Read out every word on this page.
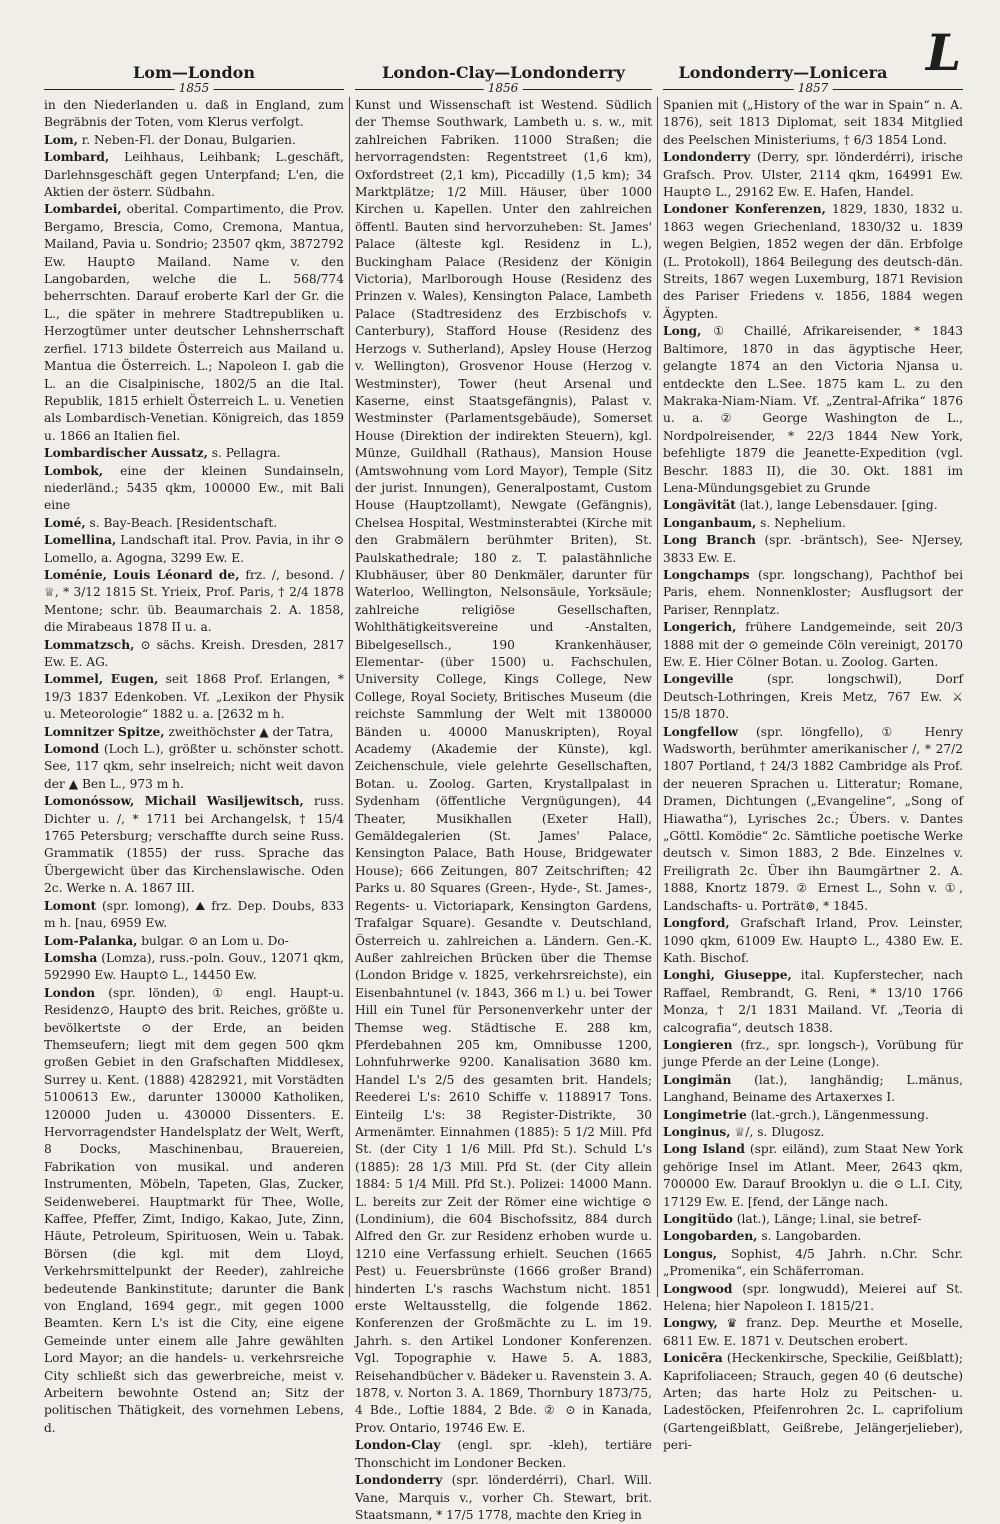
L
Lom—London	London-Clay—Londonderry	Londonderry—Lonicera
1855	1856	1857

in den Niederlanden u. daß in England, zum Begräbnis der Toten, vom Klerus verfolgt.

Lom, r. Neben‑Fl. der Donau, Bulgarien.

Lombard, Leihhaus, Leihbank; L.geschäft, Darlehnsgeschäft gegen Unterpfand; L'en, die Aktien der österr. Südbahn.

Lombardei, oberital. Compartimento, die Prov. Bergamo, Brescia, Como, Cremona, Mantua, Mailand, Pavia u. Sondrio; 23507 qkm, 3872792 Ew. Haupt⊙ Mailand. Name v. den Langobarden, welche die L. 568/774 beherrschten. Darauf eroberte Karl der Gr. die L., die später in mehrere Stadtrepubliken u. Herzogtümer unter deutscher Lehnsherrschaft zerfiel. 1713 bildete Österreich aus Mailand u. Mantua die Österreich. L.; Napoleon I. gab die L. an die Cisalpinische, 1802/5 an die Ital. Republik, 1815 erhielt Österreich L. u. Venetien als Lombardisch‑Venetian. Königreich, das 1859 u. 1866 an Italien fiel.

Lombardischer Aussatz, s. Pellagra.

Lombok, eine der kleinen Sundainseln, niederländ.; 5435 qkm, 100000 Ew., mit Bali eine

Lomé, s. Bay‑Beach. [Residentschaft.

Lomellina, Landschaft ital. Prov. Pavia, in ihr ⊙ Lomello, a. Agogna, 3299 Ew. E.

Loménie, Louis Léonard de, frz. /, besond. /♕, * 3/12 1815 St. Yrieix, Prof. Paris, † 2/4 1878 Mentone; schr. üb. Beaumarchais 2. A. 1858, die Mirabeaus 1878 II u. a.

Lommatzsch, ⊙ sächs. Kreish. Dresden, 2817 Ew. E. AG.

Lommel, Eugen, seit 1868 Prof. Erlangen, * 19/3 1837 Edenkoben. Vf. „Lexikon der Physik u. Meteorologie“ 1882 u. a. [2632 m h.

Lomnitzer Spitze, zweithöchster ▲ der Tatra,

Lomond (Loch L.), größter u. schönster schott. See, 117 qkm, sehr inselreich; nicht weit davon der ▲ Ben L., 973 m h.

Lomonóssow, Michail Wasiljewitsch, russ. Dichter u. /, * 1711 bei Archangelsk, † 15/4 1765 Petersburg; verschaffte durch seine Russ. Grammatik (1855) der russ. Sprache das Übergewicht über das Kirchenslawische. Oden 2c. Werke n. A. 1867 III.

Lomont (spr. lomong), ⛰ frz. Dep. Doubs, 833 m h. [nau, 6959 Ew.

Lom‑Palanka, bulgar. ⊙ an Lom u. Do‑

Lomsha (Lomza), russ.‑poln. Gouv., 12071 qkm, 592990 Ew. Haupt⊙ L., 14450 Ew.

London (spr. lönden), ① engl. Haupt‑u. Residenz⊙, Haupt⊙ des brit. Reiches, größte u. bevölkertste ⊙ der Erde, an beiden Themseufern; liegt mit dem gegen 500 qkm großen Gebiet in den Grafschaften Middlesex, Surrey u. Kent. (1888) 4282921, mit Vorstädten 5100613 Ew., darunter 130000 Katholiken, 120000 Juden u. 430000 Dissenters. E. Hervorragendster Handelsplatz der Welt, Werft, 8 Docks, Maschinenbau, Brauereien, Fabrikation von musikal. und anderen Instrumenten, Möbeln, Tapeten, Glas, Zucker, Seidenweberei. Hauptmarkt für Thee, Wolle, Kaffee, Pfeffer, Zimt, Indigo, Kakao, Jute, Zinn, Häute, Petroleum, Spirituosen, Wein u. Tabak. Börsen (die kgl. mit dem Lloyd, Verkehrsmittelpunkt der Reeder), zahlreiche bedeutende Bankinstitute; darunter die Bank von England, 1694 gegr., mit gegen 1000 Beamten. Kern L's ist die City, eine eigene Gemeinde unter einem alle Jahre gewählten Lord Mayor; an die handels‑ u. verkehrsreiche City schließt sich das gewerbreiche, meist v. Arbeitern bewohnte Ostend an; Sitz der politischen Thätigkeit, des vornehmen Lebens, d.

Kunst und Wissenschaft ist Westend. Südlich der Themse Southwark, Lambeth u. s. w., mit zahlreichen Fabriken. 11000 Straßen; die hervorragendsten: Regentstreet (1,6 km), Oxfordstreet (2,1 km), Piccadilly (1,5 km); 34 Marktplätze; 1/2 Mill. Häuser, über 1000 Kirchen u. Kapellen. Unter den zahlreichen öffentl. Bauten sind hervorzuheben: St. James' Palace (älteste kgl. Residenz in L.), Buckingham Palace (Residenz der Königin Victoria), Marlborough House (Residenz des Prinzen v. Wales), Kensington Palace, Lambeth Palace (Stadtresidenz des Erzbischofs v. Canterbury), Stafford House (Residenz des Herzogs v. Sutherland), Apsley House (Herzog v. Wellington), Grosvenor House (Herzog v. Westminster), Tower (heut Arsenal und Kaserne, einst Staatsgefängnis), Palast v. Westminster (Parlamentsgebäude), Somerset House (Direktion der indirekten Steuern), kgl. Münze, Guildhall (Rathaus), Mansion House (Amtswohnung vom Lord Mayor), Temple (Sitz der jurist. Innungen), Generalpostamt, Custom House (Hauptzollamt), Newgate (Gefängnis), Chelsea Hospital, Westminsterabtei (Kirche mit den Grabmälern berühmter Briten), St. Paulskathedrale; 180 z. T. palastähnliche Klubhäuser, über 80 Denkmäler, darunter für Waterloo, Wellington, Nelsonsäule, Yorksäule; zahlreiche religiöse Gesellschaften, Wohlthätigkeitsvereine und ‑Anstalten, Bibelgesellsch., 190 Krankenhäuser, Elementar‑ (über 1500) u. Fachschulen, University College, Kings College, New College, Royal Society, Britisches Museum (die reichste Sammlung der Welt mit 1380000 Bänden u. 40000 Manuskripten), Royal Academy (Akademie der Künste), kgl. Zeichenschule, viele gelehrte Gesellschaften, Botan. u. Zoolog. Garten, Krystallpalast in Sydenham (öffentliche Vergnügungen), 44 Theater, Musikhallen (Exeter Hall), Gemäldegalerien (St. James' Palace, Kensington Palace, Bath House, Bridgewater House); 666 Zeitungen, 807 Zeitschriften; 42 Parks u. 80 Squares (Green‑, Hyde‑, St. James‑, Regents‑ u. Victoriapark, Kensington Gardens, Trafalgar Square). Gesandte v. Deutschland, Österreich u. zahlreichen a. Ländern. Gen.‑K. Außer zahlreichen Brücken über die Themse (London Bridge v. 1825, verkehrsreichste), ein Eisenbahntunel (v. 1843, 366 m l.) u. bei Tower Hill ein Tunel für Personenverkehr unter der Themse weg. Städtische E. 288 km, Pferdebahnen 205 km, Omnibusse 1200, Lohnfuhrwerke 9200. Kanalisation 3680 km. Handel L's 2/5 des gesamten brit. Handels; Reederei L's: 2610 Schiffe v. 1188917 Tons. Einteilg L's: 38 Register‑Distrikte, 30 Armenämter. Einnahmen (1885): 5 1/2 Mill. Pfd St. (der City 1 1/6 Mill. Pfd St.). Schuld L's (1885): 28 1/3 Mill. Pfd St. (der City allein 1884: 5 1/4 Mill. Pfd St.). Polizei: 14000 Mann. L. bereits zur Zeit der Römer eine wichtige ⊙ (Londinium), die 604 Bischofssitz, 884 durch Alfred den Gr. zur Residenz erhoben wurde u. 1210 eine Verfassung erhielt. Seuchen (1665 Pest) u. Feuersbrünste (1666 großer Brand) hinderten L's raschs Wachstum nicht. 1851 erste Weltausstellg, die folgende 1862. Konferenzen der Großmächte zu L. im 19. Jahrh. s. den Artikel Londoner Konferenzen. Vgl. Topographie v. Hawe 5. A. 1883, Reisehandbücher v. Bädeker u. Ravenstein 3. A. 1878, v. Norton 3. A. 1869, Thornbury 1873/75, 4 Bde., Loftie 1884, 2 Bde. ② ⊙ in Kanada, Prov. Ontario, 19746 Ew. E.

London‑Clay (engl. spr. ‑kleh), tertiäre Thonschicht im Londoner Becken.

Londonderry (spr. lönderdérri), Charl. Will. Vane, Marquis v., vorher Ch. Stewart, brit. Staatsmann, * 17/5 1778, machte den Krieg in

Spanien mit („History of the war in Spain“ n. A. 1876), seit 1813 Diplomat, seit 1834 Mitglied des Peelschen Ministeriums, † 6/3 1854 Lond.

Londonderry (Derry, spr. lönderdérri), irische Grafsch. Prov. Ulster, 2114 qkm, 164991 Ew. Haupt⊙ L., 29162 Ew. E. Hafen, Handel.

Londoner Konferenzen, 1829, 1830, 1832 u. 1863 wegen Griechenland, 1830/32 u. 1839 wegen Belgien, 1852 wegen der dän. Erbfolge (L. Protokoll), 1864 Beilegung des deutsch‑dän. Streits, 1867 wegen Luxemburg, 1871 Revision des Pariser Friedens v. 1856, 1884 wegen Ägypten.

Long, ① Chaillé, Afrikareisender, * 1843 Baltimore, 1870 in das ägyptische Heer, gelangte 1874 an den Victoria Njansa u. entdeckte den L.See. 1875 kam L. zu den Makraka‑Niam‑Niam. Vf. „Zentral‑Afrika“ 1876 u. a. ② George Washington de L., Nordpolreisender, * 22/3 1844 New York, befehligte 1879 die Jeanette‑Expedition (vgl. Beschr. 1883 II), die 30. Okt. 1881 im Lena‑Mündungsgebiet zu Grunde

Longävität (lat.), lange Lebensdauer. [ging.

Longanbaum, s. Nephelium.

Long Branch (spr. ‑bräntsch), See‑ NJersey, 3833 Ew. E.

Longchamps (spr. longschang), Pachthof bei Paris, ehem. Nonnenkloster; Ausflugsort der Pariser, Rennplatz.

Longerich, frühere Landgemeinde, seit 20/3 1888 mit der ⊙ gemeinde Cöln vereinigt, 20170 Ew. E. Hier Cölner Botan. u. Zoolog. Garten.

Longeville	(spr. longschwil), Dorf Deutsch‑Lothringen, Kreis Metz, 767 Ew. ⚔ 15/8 1870.

Longfellow (spr. löngfello), ① Henry Wadsworth, berühmter amerikanischer /, * 27/2 1807 Portland, † 24/3 1882 Cambridge als Prof. der neueren Sprachen u. Litteratur; Romane, Dramen, Dichtungen („Evangeline“, „Song of Hiawatha“), Lyrisches 2c.; Übers. v. Dantes „Göttl. Komödie“ 2c. Sämtliche poetische Werke deutsch v. Simon 1883, 2 Bde. Einzelnes v. Freiligrath 2c. Über ihn Baumgärtner 2. A. 1888, Knortz 1879. ② Ernest L., Sohn v. ①, Landschafts‑ u. Porträt⊚, * 1845.

Longford, Grafschaft Irland, Prov. Leinster, 1090 qkm, 61009 Ew. Haupt⊙ L., 4380 Ew. E. Kath. Bischof.

Longhi, Giuseppe, ital. Kupferstecher, nach Raffael, Rembrandt, G. Reni, * 13/10 1766 Monza, † 2/1 1831 Mailand. Vf. „Teoria di calcografia“, deutsch 1838.

Longieren (frz., spr. longsch‑), Vorübung für junge Pferde an der Leine (Longe).

Longimän (lat.), langhändig; L.mänus, Langhand, Beiname des Artaxerxes I.

Longimetrie (lat.‑grch.), Längenmessung.

Longinus, ♕/, s. Dlugosz.

Long Island (spr. eiländ), zum Staat New York gehörige Insel im Atlant. Meer, 2643 qkm, 700000 Ew. Darauf Brooklyn u. die ⊙ L.I. City, 17129 Ew. E. [fend, der Länge nach.

Longitüdo (lat.), Länge; l.inal, sie betref‑

Longobarden, s. Langobarden.

Longus, Sophist, 4/5 Jahrh. n.Chr. Schr. „Promenika“, ein Schäferroman.

Longwood (spr. longwudd), Meierei auf St. Helena; hier Napoleon I. 1815/21.

Longwy, ♛ franz. Dep. Meurthe et Moselle, 6811 Ew. E. 1871 v. Deutschen erobert.

Lonicēra (Heckenkirsche, Speckilie, Geißblatt); Kaprifoliaceen; Strauch, gegen 40 (6 deutsche) Arten; das harte Holz zu Peitschen‑ u. Ladestöcken, Pfeifenrohren 2c. L. caprifolium (Gartengeißblatt, Geißrebe, Jelängerjelieber), peri‑
